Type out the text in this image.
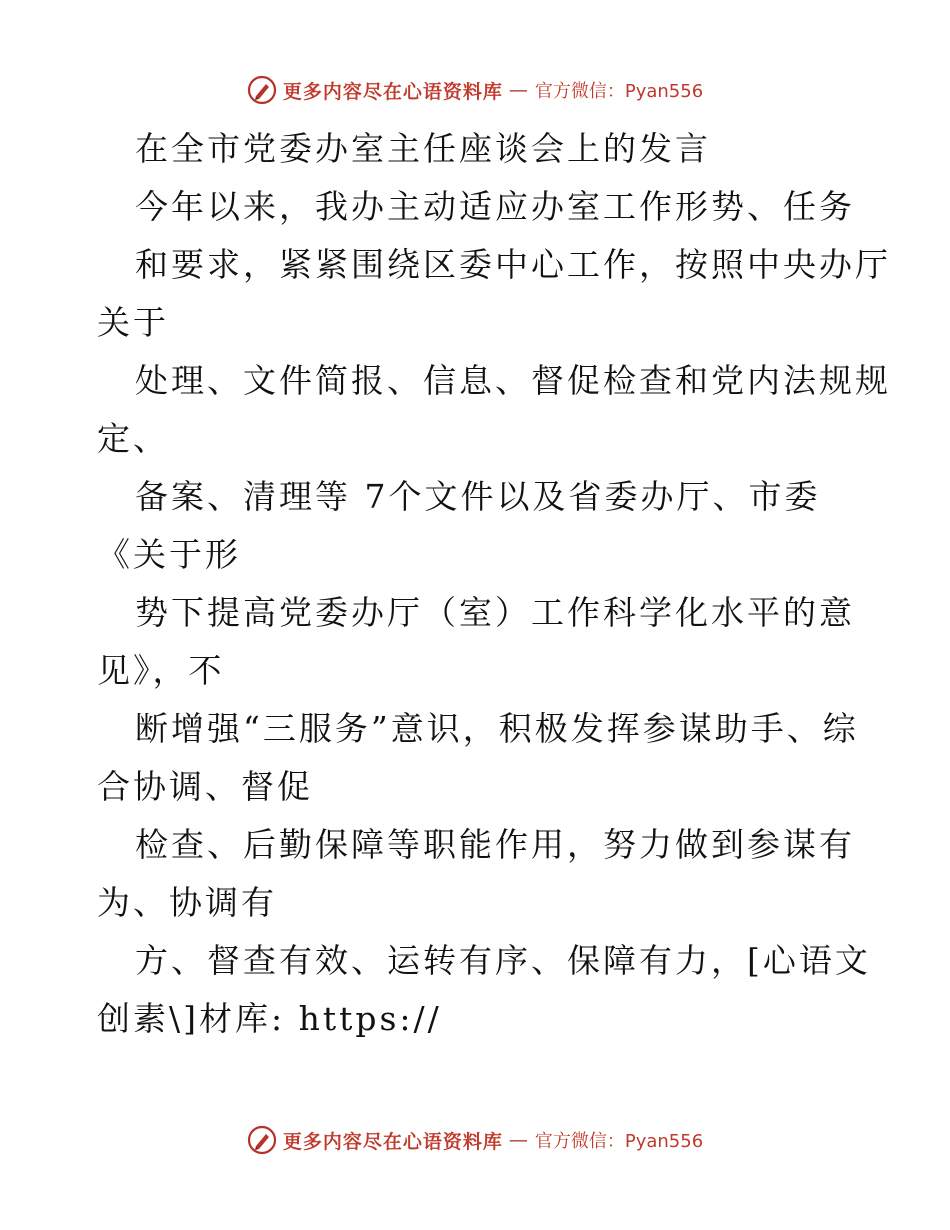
更多内容尽在心语资料库 — 官方微信：Pyan556
在全市党委办室主任座谈会上的发言
今年以来，我办主动适应办室工作形势、任务
和要求，紧紧围绕区委中心工作，按照中央办厅
关于
处理、文件简报、信息、督促检查和党内法规规
定、
备案、清理等 7个文件以及省委办厅、市委
《关于形
势下提高党委办厅（室）工作科学化水平的意
见》，不
断增强“三服务”意识，积极发挥参谋助手、综
合协调、督促
检查、后勤保障等职能作用，努力做到参谋有
为、协调有
方、督查有效、运转有序、保障有力，[心语文
创素\]材库: https://
更多内容尽在心语资料库 — 官方微信：Pyan556
